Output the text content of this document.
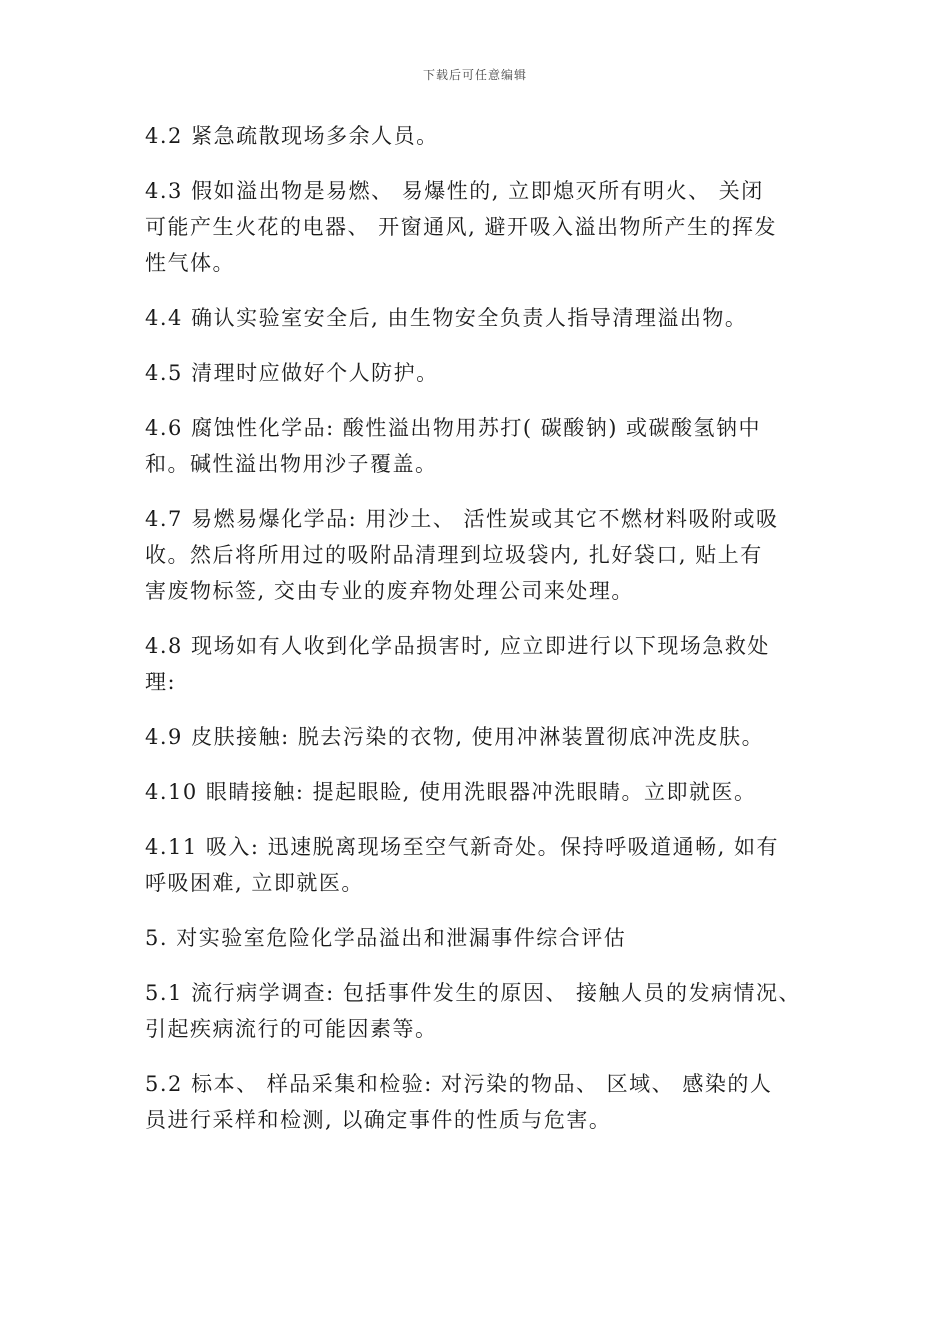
下载后可任意编辑

4.2 紧急疏散现场多余人员。

4.3 假如溢出物是易燃、 易爆性的, 立即熄灭所有明火、 关闭
可能产生火花的电器、 开窗通风, 避开吸入溢出物所产生的挥发
性气体。

4.4 确认实验室安全后, 由生物安全负责人指导清理溢出物。

4.5 清理时应做好个人防护。

4.6 腐蚀性化学品: 酸性溢出物用苏打( 碳酸钠) 或碳酸氢钠中
和。碱性溢出物用沙子覆盖。

4.7 易燃易爆化学品: 用沙土、 活性炭或其它不燃材料吸附或吸
收。然后将所用过的吸附品清理到垃圾袋内, 扎好袋口, 贴上有
害废物标签, 交由专业的废弃物处理公司来处理。

4.8 现场如有人收到化学品损害时, 应立即进行以下现场急救处
理:

4.9 皮肤接触: 脱去污染的衣物, 使用冲淋装置彻底冲洗皮肤。

4.10 眼睛接触: 提起眼睑, 使用洗眼器冲洗眼睛。立即就医。

4.11 吸入: 迅速脱离现场至空气新奇处。保持呼吸道通畅, 如有
呼吸困难, 立即就医。

5. 对实验室危险化学品溢出和泄漏事件综合评估

5.1 流行病学调查: 包括事件发生的原因、 接触人员的发病情况、
引起疾病流行的可能因素等。

5.2 标本、 样品采集和检验: 对污染的物品、 区域、 感染的人
员进行采样和检测, 以确定事件的性质与危害。
